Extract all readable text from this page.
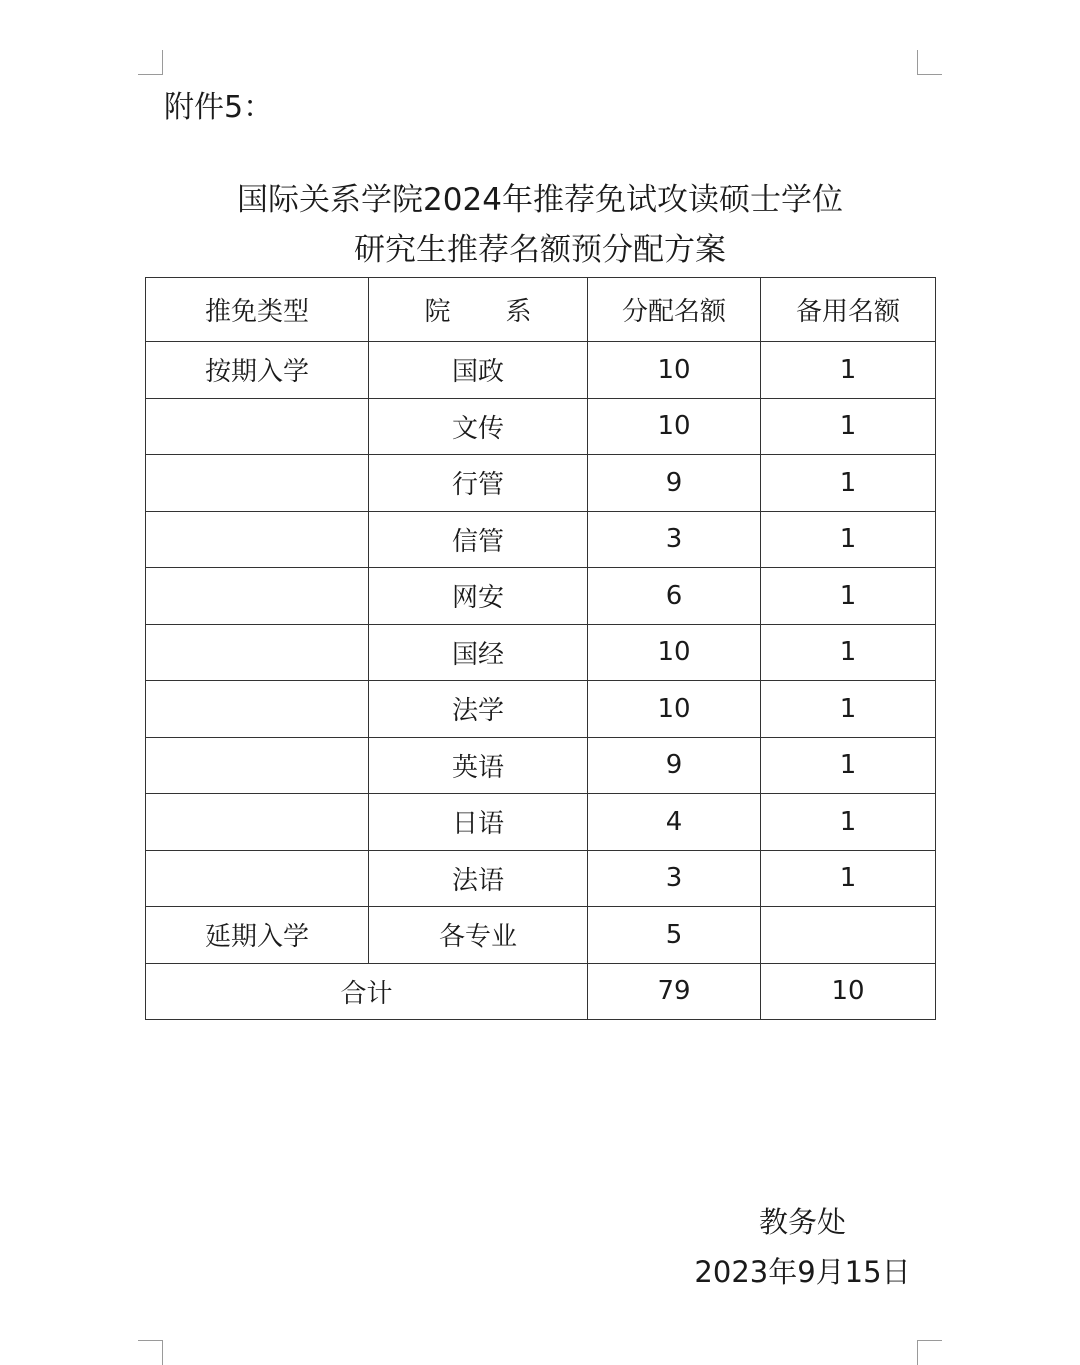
附件5：
国际关系学院2024年推荐免试攻读硕士学位
研究生推荐名额预分配方案
推免类型	院 系	分配名额	备用名额
按期入学	国政	10	1
	文传	10	1
	行管	9	1
	信管	3	1
	网安	6	1
	国经	10	1
	法学	10	1
	英语	9	1
	日语	4	1
	法语	3	1
延期入学	各专业	5	
合计		79	10
教务处
2023年9月15日
